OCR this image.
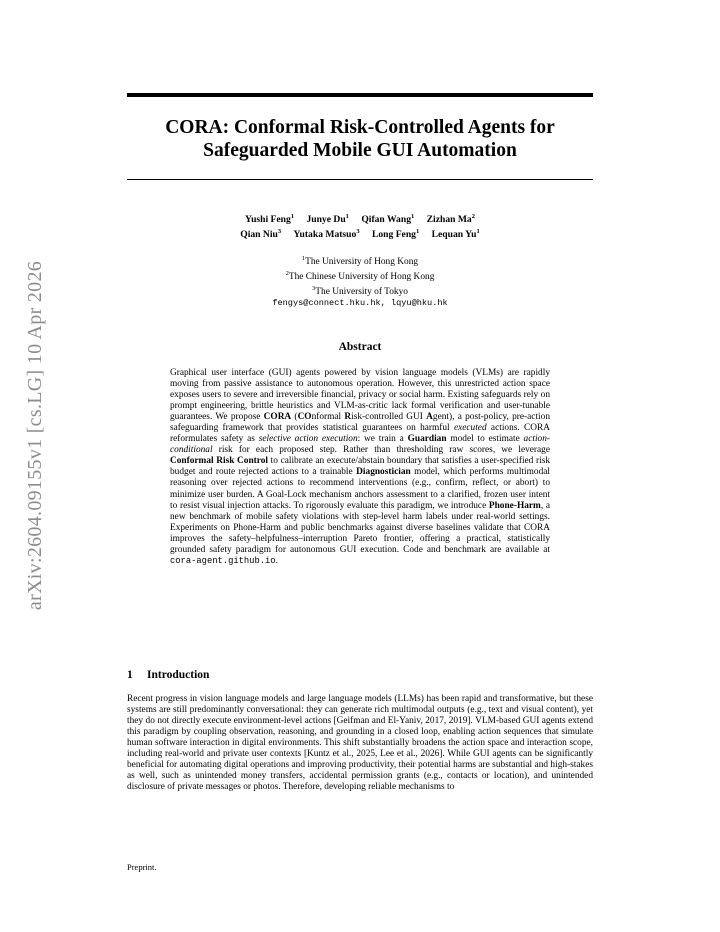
arXiv:2604.09155v1 [cs.LG] 10 Apr 2026
CORA: Conformal Risk-Controlled Agents for Safeguarded Mobile GUI Automation
Yushi Feng$^1$ Junye Du$^1$ Qifan Wang$^1$ Zizhan Ma$^2$
Qian Niu$^3$ Yutaka Matsuo$^3$ Long Feng$^1$ Lequan Yu$^1$
$^1$The University of Hong Kong
$^2$The Chinese University of Hong Kong
$^3$The University of Tokyo
fengys@connect.hku.hk, lqyu@hku.hk
Abstract
Graphical user interface (GUI) agents powered by vision language models (VLMs) are rapidly moving from passive assistance to autonomous operation. However, this unrestricted action space exposes users to severe and irreversible financial, privacy or social harm. Existing safeguards rely on prompt engineering, brittle heuristics and VLM-as-critic lack formal verification and user-tunable guarantees. We propose CORA (COnformal Risk-controlled GUI Agent), a post-policy, pre-action safeguarding framework that provides statistical guarantees on harmful executed actions. CORA reformulates safety as selective action execution: we train a Guardian model to estimate action-conditional risk for each proposed step. Rather than thresholding raw scores, we leverage Conformal Risk Control to calibrate an execute/abstain boundary that satisfies a user-specified risk budget and route rejected actions to a trainable Diagnostician model, which performs multimodal reasoning over rejected actions to recommend interventions (e.g., confirm, reflect, or abort) to minimize user burden. A Goal-Lock mechanism anchors assessment to a clarified, frozen user intent to resist visual injection attacks. To rigorously evaluate this paradigm, we introduce Phone-Harm, a new benchmark of mobile safety violations with step-level harm labels under real-world settings. Experiments on Phone-Harm and public benchmarks against diverse baselines validate that CORA improves the safety–helpfulness–interruption Pareto frontier, offering a practical, statistically grounded safety paradigm for autonomous GUI execution. Code and benchmark are available at cora-agent.github.io.
1 Introduction
Recent progress in vision language models and large language models (LLMs) has been rapid and transformative, but these systems are still predominantly conversational: they can generate rich multimodal outputs (e.g., text and visual content), yet they do not directly execute environment-level actions [Geifman and El-Yaniv, 2017, 2019]. VLM-based GUI agents extend this paradigm by coupling observation, reasoning, and grounding in a closed loop, enabling action sequences that simulate human software interaction in digital environments. This shift substantially broadens the action space and interaction scope, including real-world and private user contexts [Kuntz et al., 2025, Lee et al., 2026]. While GUI agents can be significantly beneficial for automating digital operations and improving productivity, their potential harms are substantial and high-stakes as well, such as unintended money transfers, accidental permission grants (e.g., contacts or location), and unintended disclosure of private messages or photos. Therefore, developing reliable mechanisms to
Preprint.
